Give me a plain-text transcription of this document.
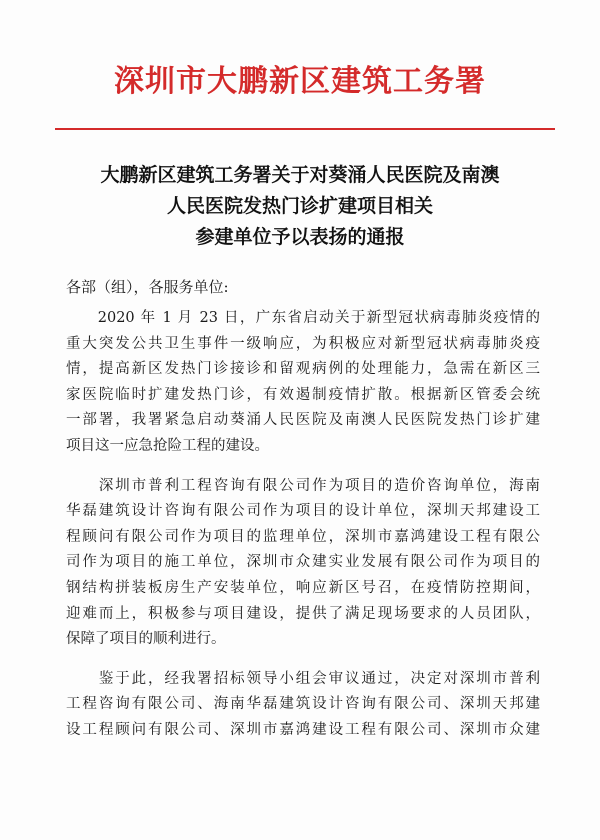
深圳市大鹏新区建筑工务署
大鹏新区建筑工务署关于对葵涌人民医院及南澳
人民医院发热门诊扩建项目相关
参建单位予以表扬的通报
各部（组），各服务单位:

　　2020 年 1 月 23 日，广东省启动关于新型冠状病毒肺炎疫情的
重大突发公共卫生事件一级响应，为积极应对新型冠状病毒肺炎疫
情，提高新区发热门诊接诊和留观病例的处理能力，急需在新区三
家医院临时扩建发热门诊，有效遏制疫情扩散。根据新区管委会统
一部署，我署紧急启动葵涌人民医院及南澳人民医院发热门诊扩建
项目这一应急抢险工程的建设。

　　深圳市普利工程咨询有限公司作为项目的造价咨询单位，海南
华磊建筑设计咨询有限公司作为项目的设计单位，深圳天邦建设工
程顾问有限公司作为项目的监理单位，深圳市嘉鸿建设工程有限公
司作为项目的施工单位，深圳市众建实业发展有限公司作为项目的
钢结构拼装板房生产安装单位，响应新区号召，在疫情防控期间，
迎难而上，积极参与项目建设，提供了满足现场要求的人员团队，
保障了项目的顺利进行。

　　鉴于此，经我署招标领导小组会审议通过，决定对深圳市普利
工程咨询有限公司、海南华磊建筑设计咨询有限公司、深圳天邦建
设工程顾问有限公司、深圳市嘉鸿建设工程有限公司、深圳市众建
